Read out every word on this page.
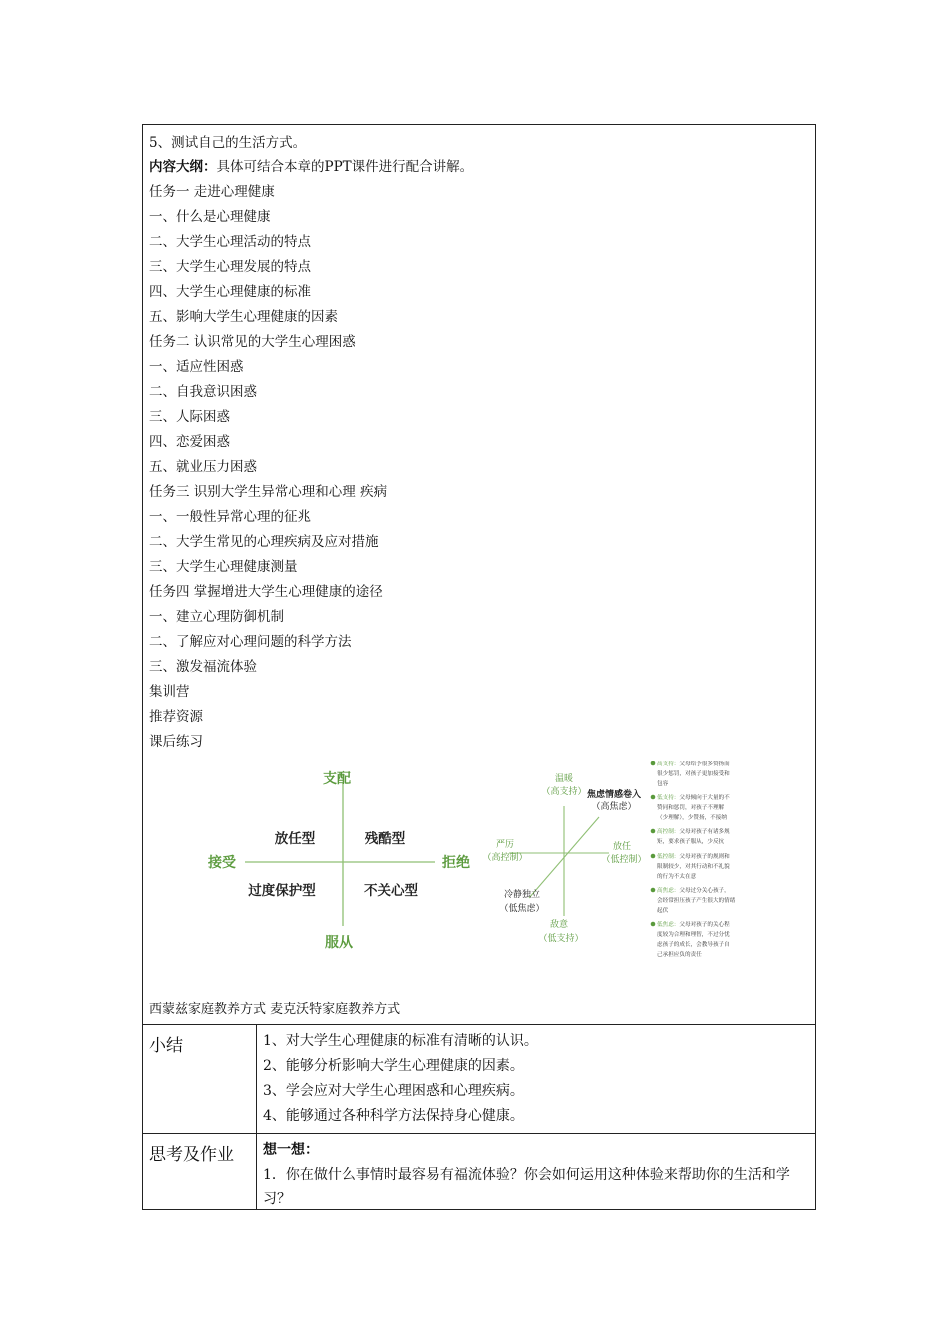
5、测试自己的生活方式。
内容大纲：具体可结合本章的PPT课件进行配合讲解。
任务一 走进心理健康
一、什么是心理健康
二、大学生心理活动的特点
三、大学生心理发展的特点
四、大学生心理健康的标准
五、影响大学生心理健康的因素
任务二 认识常见的大学生心理困惑
一、适应性困惑
二、自我意识困惑
三、人际困惑
四、恋爱困惑
五、就业压力困惑
任务三 识别大学生异常心理和心理 疾病
一、一般性异常心理的征兆
二、大学生常见的心理疾病及应对措施
三、大学生心理健康测量
任务四 掌握增进大学生心理健康的途径
一、建立心理防御机制
二、了解应对心理问题的科学方法
三、激发福流体验
集训营
推荐资源
课后练习
支配
服从
接受	拒绝
放任型	残酷型
过度保护型	不关心型
温暖
（高支持）
敌意
（低支持）
严厉
（高控制）
放任
（低控制）
焦虑情感卷入
（高焦虑）
冷静独立
（低焦虑）
高支持：父母给予很多赞扬而
很少惩罚，对孩子更加接受和
包容
低支持：父母倾向于大量的不
赞同和惩罚，对孩子不理解
（少理解），少赞扬，不接纳
高控制：父母对孩子有诸多规
矩，要求孩子服从，少反抗
低控制：父母对孩子的规则和
限制较少，对其行动和不礼貌
的行为不太在意
高焦虑：父母过分关心孩子，
会经常担压孩子产生很大的情绪
起伏
低焦虑：父母对孩子的关心程
度较为合理和理智，不过分忧
虑孩子的成长，会教导孩子自
己承担应负的责任
西蒙兹家庭教养方式 麦克沃特家庭教养方式
小结	1、对大学生心理健康的标准有清晰的认识。
2、能够分析影响大学生心理健康的因素。
3、学会应对大学生心理困惑和心理疾病。
4、能够通过各种科学方法保持身心健康。
思考及作业 想一想：
1．你在做什么事情时最容易有福流体验？你会如何运用这种体验来帮助你的生活和学习？
